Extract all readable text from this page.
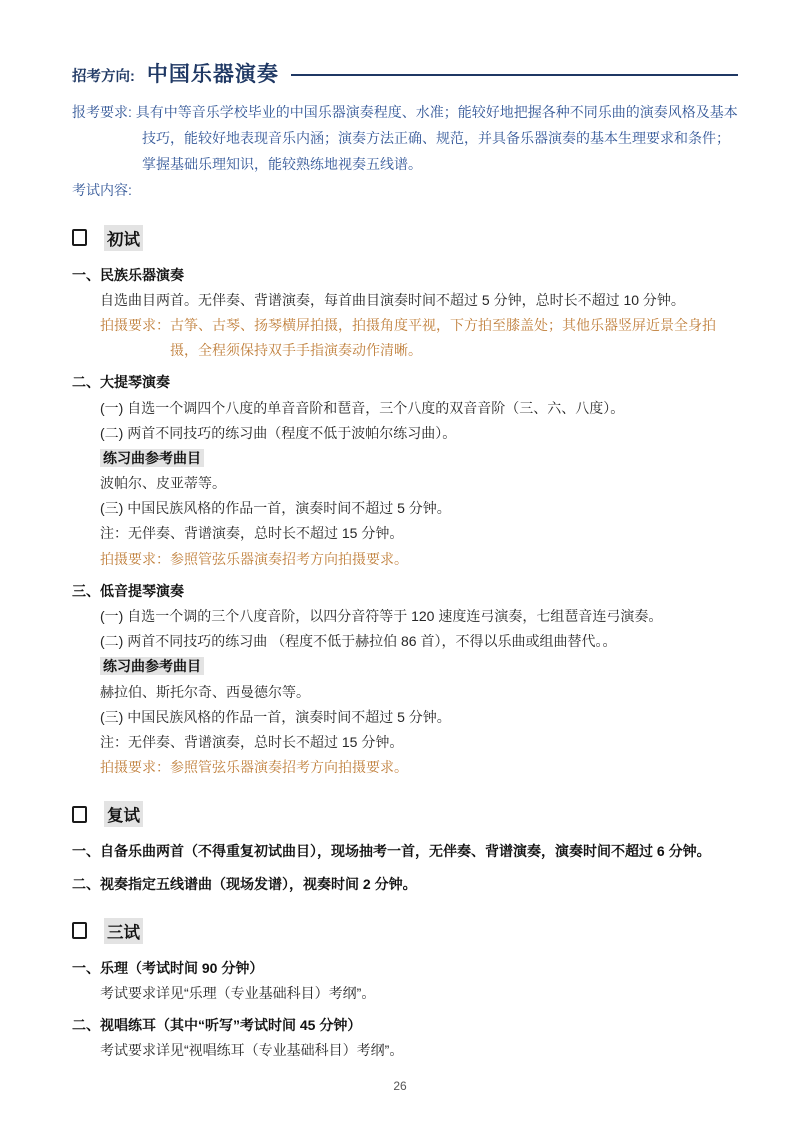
招考方向: 中国乐器演奏

报考要求: 具有中等音乐学校毕业的中国乐器演奏程度、水准；能较好地把握各种不同乐曲的演奏风格及基本技巧，能较好地表现音乐内涵；演奏方法正确、规范，并具备乐器演奏的基本生理要求和条件；掌握基础乐理知识，能较熟练地视奏五线谱。

考试内容:

初试

一、民族乐器演奏

自选曲目两首。无伴奏、背谱演奏，每首曲目演奏时间不超过 5 分钟，总时长不超过 10 分钟。

拍摄要求：古筝、古琴、扬琴横屏拍摄，拍摄角度平视，下方拍至膝盖处；其他乐器竖屏近景全身拍摄，全程须保持双手手指演奏动作清晰。

二、大提琴演奏

(一) 自选一个调四个八度的单音音阶和琶音，三个八度的双音音阶（三、六、八度）。

(二) 两首不同技巧的练习曲（程度不低于波帕尔练习曲）。

练习曲参考曲目

波帕尔、皮亚蒂等。

(三) 中国民族风格的作品一首，演奏时间不超过 5 分钟。

注：无伴奏、背谱演奏，总时长不超过 15 分钟。

拍摄要求：参照管弦乐器演奏招考方向拍摄要求。

三、低音提琴演奏

(一) 自选一个调的三个八度音阶，以四分音符等于 120 速度连弓演奏，七组琶音连弓演奏。

(二) 两首不同技巧的练习曲 （程度不低于赫拉伯 86 首），不得以乐曲或组曲替代。。

练习曲参考曲目

赫拉伯、斯托尔奇、西曼德尔等。

(三) 中国民族风格的作品一首，演奏时间不超过 5 分钟。

注：无伴奏、背谱演奏，总时长不超过 15 分钟。

拍摄要求：参照管弦乐器演奏招考方向拍摄要求。

复试

一、自备乐曲两首（不得重复初试曲目），现场抽考一首，无伴奏、背谱演奏，演奏时间不超过 6 分钟。

二、视奏指定五线谱曲（现场发谱），视奏时间 2 分钟。

三试

一、乐理（考试时间 90 分钟）

考试要求详见“乐理（专业基础科目）考纲”。

二、视唱练耳（其中“听写”考试时间 45 分钟）

考试要求详见“视唱练耳（专业基础科目）考纲”。

26
